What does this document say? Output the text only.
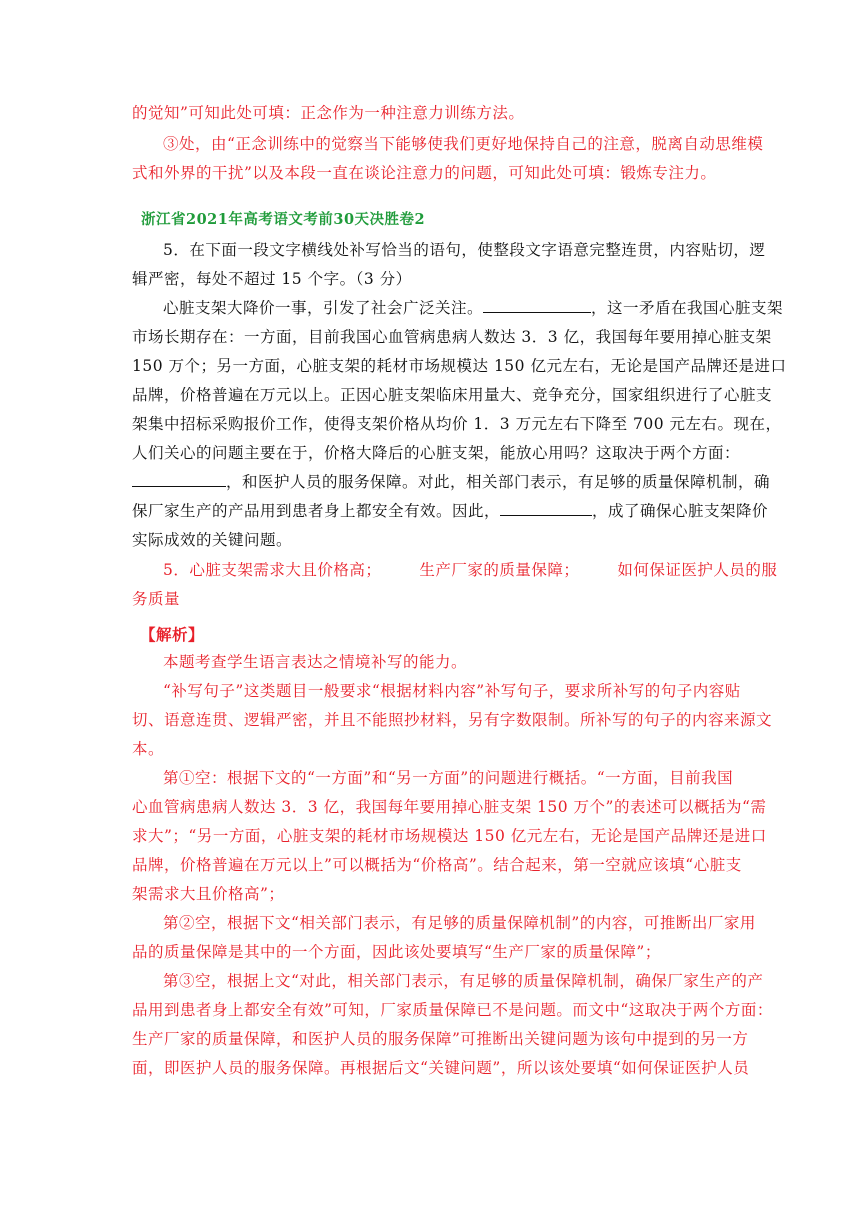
的觉知”可知此处可填：正念作为一种注意力训练方法。

③处，由“正念训练中的觉察当下能够使我们更好地保持自己的注意，脱离自动思维模
式和外界的干扰”以及本段一直在谈论注意力的问题，可知此处可填：锻炼专注力。

浙江省2021年高考语文考前30天决胜卷2

5．在下面一段文字横线处补写恰当的语句，使整段文字语意完整连贯，内容贴切，逻
辑严密，每处不超过 15 个字。（3 分）

心脏支架大降价一事，引发了社会广泛关注。	，这一矛盾在我国心脏支架
市场长期存在：一方面，目前我国心血管病患病人数达 3．3 亿，我国每年要用掉心脏支架
150 万个；另一方面，心脏支架的耗材市场规模达 150 亿元左右，无论是国产品牌还是进口
品牌，价格普遍在万元以上。正因心脏支架临床用量大、竞争充分，国家组织进行了心脏支
架集中招标采购报价工作，使得支架价格从均价 1．3 万元左右下降至 700 元左右。现在，
人们关心的问题主要在于，价格大降后的心脏支架，能放心用吗？这取决于两个方面：
，和医护人员的服务保障。对此，相关部门表示，有足够的质量保障机制，确
保厂家生产的产品用到患者身上都安全有效。因此，	，成了确保心脏支架降价
实际成效的关键问题。

5．心脏支架需求大且价格高； 生产厂家的质量保障； 如何保证医护人员的服
务质量

【解析】

本题考查学生语言表达之情境补写的能力。

“补写句子”这类题目一般要求“根据材料内容”补写句子，要求所补写的句子内容贴
切、语意连贯、逻辑严密，并且不能照抄材料，另有字数限制。所补写的句子的内容来源文
本。

第①空：根据下文的“一方面”和“另一方面”的问题进行概括。“一方面，目前我国
心血管病患病人数达 3．3 亿，我国每年要用掉心脏支架 150 万个”的表述可以概括为“需
求大”；“另一方面，心脏支架的耗材市场规模达 150 亿元左右，无论是国产品牌还是进口
品牌，价格普遍在万元以上”可以概括为“价格高”。结合起来，第一空就应该填“心脏支
架需求大且价格高”；

第②空，根据下文“相关部门表示，有足够的质量保障机制”的内容，可推断出厂家用
品的质量保障是其中的一个方面，因此该处要填写“生产厂家的质量保障”；

第③空，根据上文“对此，相关部门表示，有足够的质量保障机制，确保厂家生产的产
品用到患者身上都安全有效”可知，厂家质量保障已不是问题。而文中“这取决于两个方面：
生产厂家的质量保障，和医护人员的服务保障”可推断出关键问题为该句中提到的另一方
面，即医护人员的服务保障。再根据后文“关键问题”，所以该处要填“如何保证医护人员
